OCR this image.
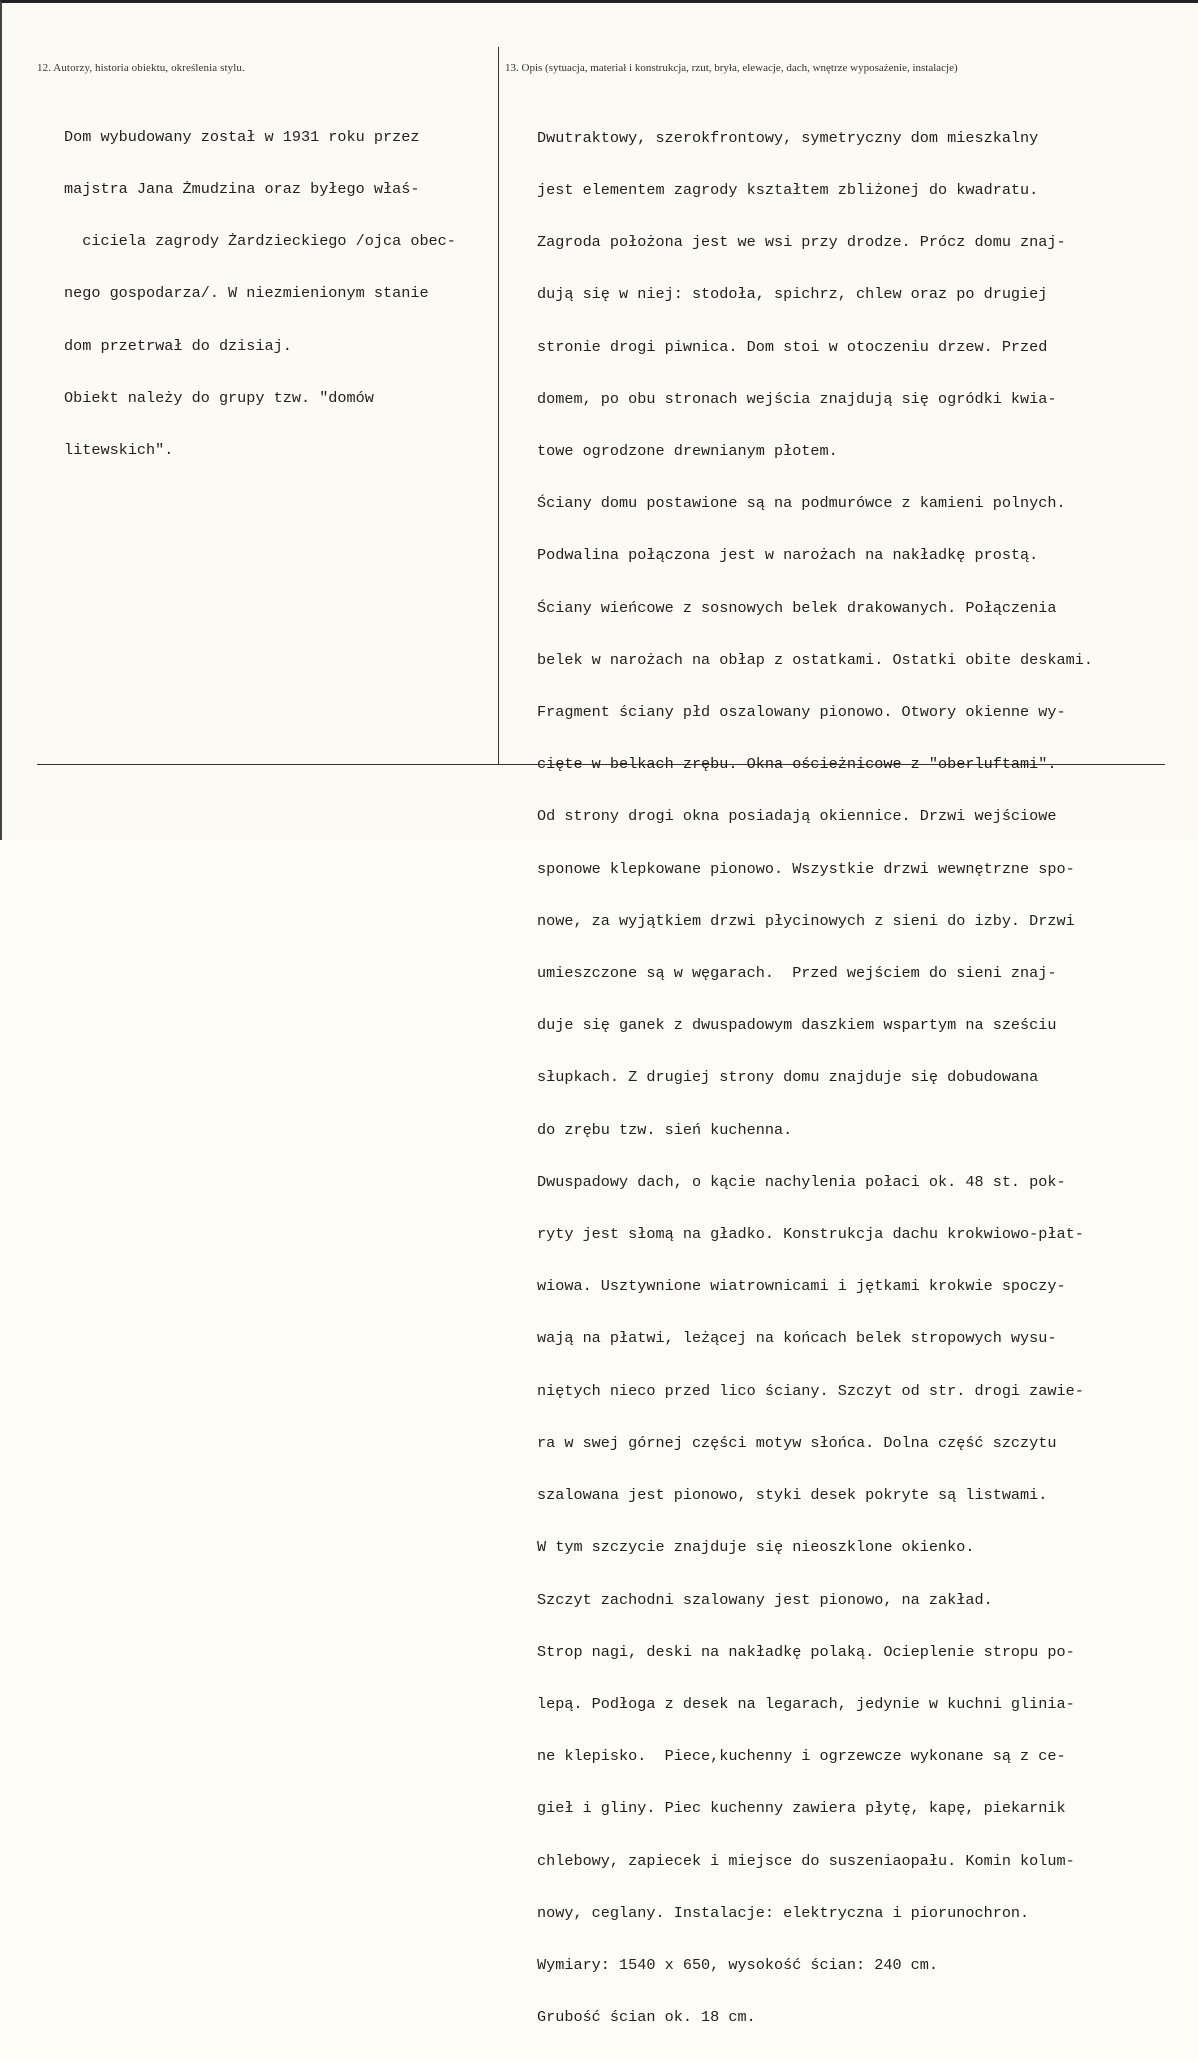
12. Autorzy, historia obiektu, określenia stylu.	13. Opis (sytuacja, materiał i konstrukcja, rzut, bryła, elewacje, dach, wnętrze wyposażenie, instalacje)

Dom wybudowany został w 1931 roku przez

majstra Jana Żmudzina oraz byłego właś-

ciciela zagrody Żardzieckiego /ojca obec-

nego gospodarza/. W niezmienionym stanie

dom przetrwał do dzisiaj.

Obiekt należy do grupy tzw. "domów

litewskich".

Dwutraktowy, szerokfrontowy, symetryczny dom mieszkalny

jest elementem zagrody kształtem zbliżonej do kwadratu.

Zagroda położona jest we wsi przy drodze. Prócz domu znaj-

dują się w niej: stodoła, spichrz, chlew oraz po drugiej

stronie drogi piwnica. Dom stoi w otoczeniu drzew. Przed

domem, po obu stronach wejścia znajdują się ogródki kwia-

towe ogrodzone drewnianym płotem.

Ściany domu postawione są na podmurówce z kamieni polnych.

Podwalina połączona jest w narożach na nakładkę prostą.

Ściany wieńcowe z sosnowych belek drakowanych. Połączenia

belek w narożach na obłap z ostatkami. Ostatki obite deskami.

Fragment ściany płd oszalowany pionowo. Otwory okienne wy-

cięte w belkach zrębu. Okna ościeżnicowe z "oberluftami".

Od strony drogi okna posiadają okiennice. Drzwi wejściowe

sponowe klepkowane pionowo. Wszystkie drzwi wewnętrzne spo-

nowe, za wyjątkiem drzwi płycinowych z sieni do izby. Drzwi

umieszczone są w węgarach.  Przed wejściem do sieni znaj-

duje się ganek z dwuspadowym daszkiem wspartym na sześciu

słupkach. Z drugiej strony domu znajduje się dobudowana

do zrębu tzw. sień kuchenna.

Dwuspadowy dach, o kącie nachylenia połaci ok. 48 st. pok-

ryty jest słomą na gładko. Konstrukcja dachu krokwiowo-płat-

wiowa. Usztywnione wiatrownicami i jętkami krokwie spoczy-

wają na płatwi, leżącej na końcach belek stropowych wysu-

niętych nieco przed lico ściany. Szczyt od str. drogi zawie-

ra w swej górnej części motyw słońca. Dolna część szczytu

szalowana jest pionowo, styki desek pokryte są listwami.

W tym szczycie znajduje się nieoszklone okienko.

Szczyt zachodni szalowany jest pionowo, na zakład.

Strop nagi, deski na nakładkę polaką. Ocieplenie stropu po-

lepą. Podłoga z desek na legarach, jedynie w kuchni glinia-

ne klepisko.  Piece,kuchenny i ogrzewcze wykonane są z ce-

gieł i gliny. Piec kuchenny zawiera płytę, kapę, piekarnik

chlebowy, zapiecek i miejsce do suszeniaopału. Komin kolum-

nowy, ceglany. Instalacje: elektryczna i piorunochron.

Wymiary: 1540 x 650, wysokość ścian: 240 cm.

Grubość ścian ok. 18 cm.
